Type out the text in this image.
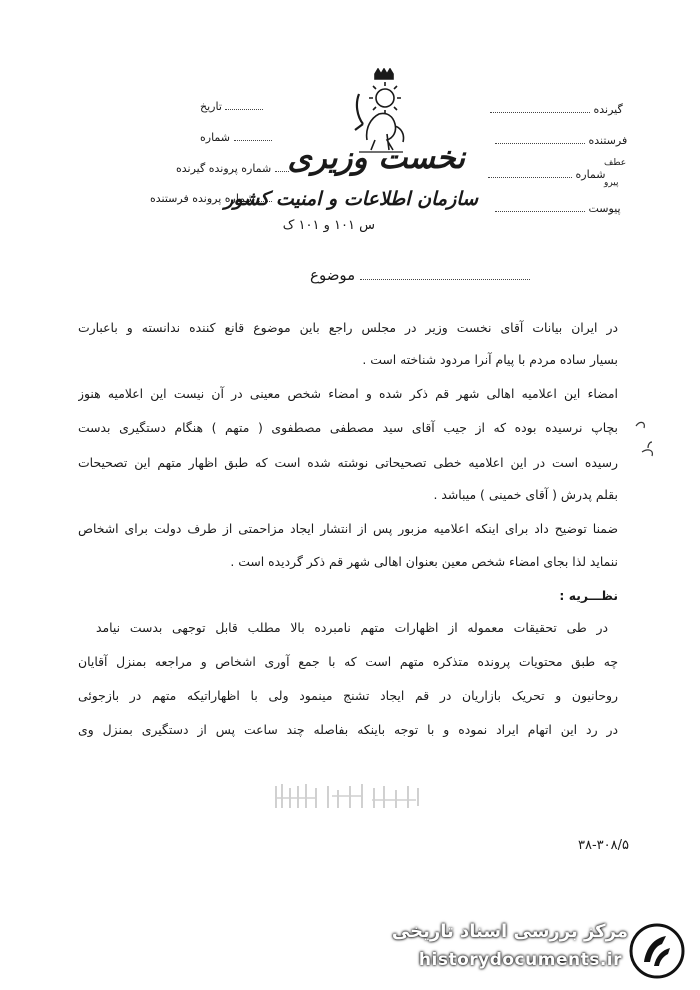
تاریخ
شماره
شماره پرونده گیرنده
شماره پرونده فرستنده
گیرنده
فرستنده
شماره
عطف
پیرو
پیوست
نخست وزیری
سازمان اطلاعات و امنیت کشور
س ۱۰۱ و ۱۰۱ ک
موضوع
در ایران بیانات آقای نخست وزیر در مجلس راجع باین موضوع قانع کننده ندانسته و باعبارت
بسیار ساده مردم با پیام آنرا مردود شناخته است .
امضاء این اعلامیه اهالی شهر قم ذکر شده و امضاء شخص معینی در آن نیست این اعلامیه هنوز
بچاپ نرسیده بوده که از جیب آقای سید مصطفی مصطفوی ( متهم ) هنگام دستگیری بدست
رسیده است در این اعلامیه خطی تصحیحاتی نوشته شده است که طبق اظهار متهم این تصحیحات
بقلم پدرش ( آقای خمینی ) میباشد .
ضمنا توضیح داد برای اینکه اعلامیه مزبور پس از انتشار ایجاد مزاحمتی از طرف دولت برای اشخاص
ننماید لذا بجای امضاء شخص معین بعنوان اهالی شهر قم ذکر گردیده است .
نظـــریه :
در طی تحقیقات معموله از اظهارات متهم نامبرده بالا مطلب قابل توجهی بدست نیامد
چه طبق محتویات پرونده متذکره متهم است که با جمع آوری اشخاص و مراجعه بمنزل آقایان
روحانیون و تحریک بازاریان در قم ایجاد تشنج مینمود ولی با اظهاراتیکه متهم در بازجوئی
در رد این اتهام ایراد نموده و با توجه باینکه بفاصله چند ساعت پس از دستگیری بمنزل وی
۳۸-۳۰۸/۵
مرکز بررسی اسناد تاریخی
historydocuments.ir
